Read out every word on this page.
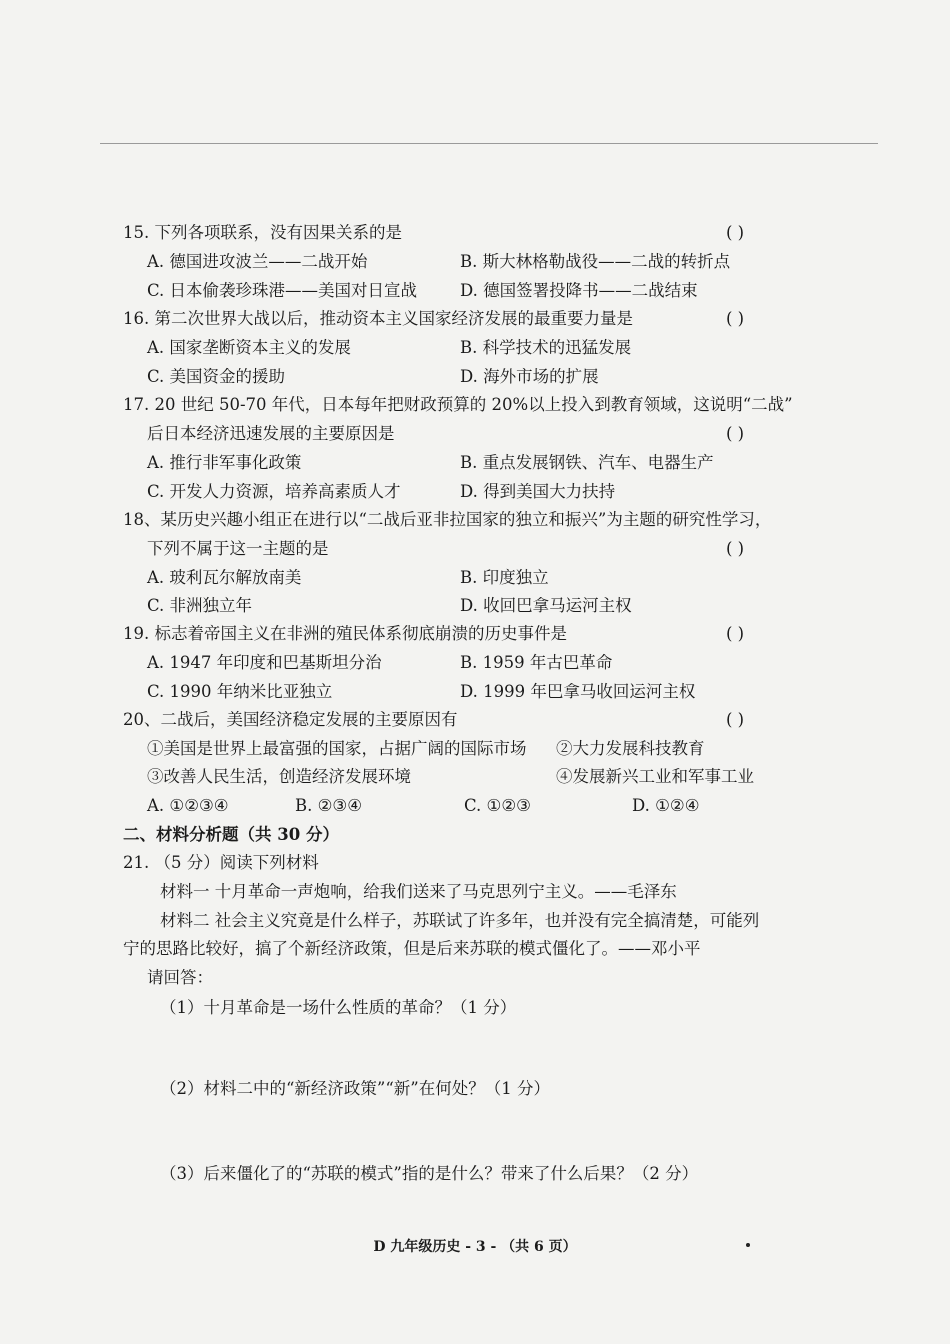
15. 下列各项联系，没有因果关系的是
A. 德国进攻波兰——二战开始	B. 斯大林格勒战役——二战的转折点
C. 日本偷袭珍珠港——美国对日宣战	D. 德国签署投降书——二战结束
16. 第二次世界大战以后，推动资本主义国家经济发展的最重要力量是
A. 国家垄断资本主义的发展	B. 科学技术的迅猛发展
C. 美国资金的援助	D. 海外市场的扩展
17. 20 世纪 50-70 年代，日本每年把财政预算的 20%以上投入到教育领域，这说明“二战”
后日本经济迅速发展的主要原因是
A. 推行非军事化政策	B. 重点发展钢铁、汽车、电器生产
C. 开发人力资源，培养高素质人才	D. 得到美国大力扶持
18、某历史兴趣小组正在进行以“二战后亚非拉国家的独立和振兴”为主题的研究性学习，
下列不属于这一主题的是
A. 玻利瓦尔解放南美	B. 印度独立
C. 非洲独立年	D. 收回巴拿马运河主权
19. 标志着帝国主义在非洲的殖民体系彻底崩溃的历史事件是
A. 1947 年印度和巴基斯坦分治	B. 1959 年古巴革命
C. 1990 年纳米比亚独立	D. 1999 年巴拿马收回运河主权
20、二战后，美国经济稳定发展的主要原因有
①美国是世界上最富强的国家，占据广阔的国际市场 ②大力发展科技教育
③改善人民生活，创造经济发展环境	④发展新兴工业和军事工业
A. ①②③④	B. ②③④	C. ①②③	D. ①②④
二、材料分析题（共 30 分）
21. （5 分）阅读下列材料
材料一 十月革命一声炮响，给我们送来了马克思列宁主义。——毛泽东
材料二 社会主义究竟是什么样子，苏联试了许多年，也并没有完全搞清楚，可能列
宁的思路比较好，搞了个新经济政策，但是后来苏联的模式僵化了。——邓小平
请回答：
（1）十月革命是一场什么性质的革命？（1 分）
（2）材料二中的“新经济政策”“新”在何处？（1 分）
（3）后来僵化了的“苏联的模式”指的是什么？带来了什么后果？（2 分）
( )
( )
( )
( )
( )
( )
D 九年级历史 - 3 - （共 6 页）
